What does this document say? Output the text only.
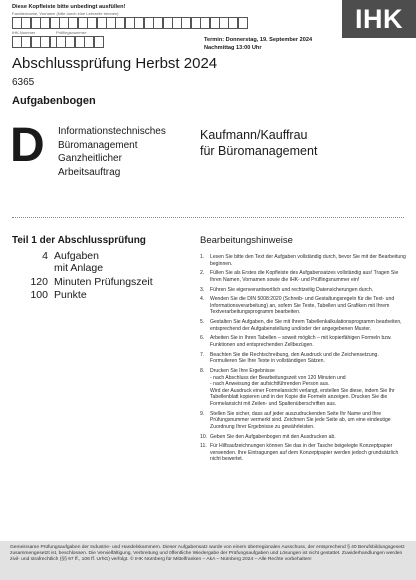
Diese Kopfleiste bitte unbedingt ausfüllen!
Familienname, Vorname (bitte durch eine Leerzeile trennen)
IHK-Nummer	Prüflingsnummer
Termin: Donnerstag, 19. September 2024
Nachmittag 13:00 Uhr
IHK
Abschlussprüfung Herbst 2024
6365
Aufgabenbogen
D Informationstechnisches
Büromanagement
Ganzheitlicher
Arbeitsauftrag
Kaufmann/Kauffrau
für Büromanagement
Teil 1 der Abschlussprüfung
4 Aufgaben
mit Anlage
120 Minuten Prüfungszeit
100 Punkte
Bearbeitungshinweise
1. Lesen Sie bitte den Text der Aufgaben vollständig durch, bevor Sie mit der Bearbeitung beginnen.
2. Füllen Sie als Erstes die Kopfleiste des Aufgabensatzes vollständig aus! Tragen Sie Ihren Namen, Vornamen sowie die IHK- und Prüflingsnummer ein!
3. Führen Sie eigenverantwortlich und rechtzeitig Datensicherungen durch.
4. Wenden Sie die DIN 5008:2020 (Schreib- und Gestaltungsregeln für die Text- und Informationsverarbeitung) an, sofern Sie Texte, Tabellen und Grafiken mit Ihrem Textverarbeitungsprogramm bearbeiten.
5. Gestalten Sie Aufgaben, die Sie mit Ihrem Tabellenkalkulationsprogramm bearbeiten, entsprechend der Aufgabenstellung und/oder der angegebenen Muster.
6. Arbeiten Sie in Ihren Tabellen – soweit möglich – mit kopierfähigen Formeln bzw. Funktionen und entsprechenden Zellbezügen.
7. Beachten Sie die Rechtschreibung, den Ausdruck und die Zeichensetzung. Formulieren Sie Ihre Texte in vollständigen Sätzen.
8. Drucken Sie Ihre Ergebnisse
- nach Abschluss der Bearbeitungszeit von 120 Minuten und
- nach Anweisung der aufsichtführenden Person aus.
Wird der Ausdruck einer Formelansicht verlangt, erstellen Sie diese, indem Sie Ihr Tabellenblatt kopieren und in der Kopie die Formeln anzeigen. Drucken Sie die Formelansicht mit Zeilen- und Spaltenüberschriften aus.
9. Stellen Sie sicher, dass auf jeder auszudruckenden Seite Ihr Name und Ihre Prüfungsnummer vermerkt sind. Zeichnen Sie jede Seite ab, um eine eindeutige Zuordnung Ihrer Ergebnisse zu gewährleisten.
10. Geben Sie den Aufgabenbogen mit den Ausdrucken ab.
11. Für Hilfsaufzeichnungen können Sie das in der Tasche beigelegte Konzeptpapier verwenden. Ihre Eintragungen auf dem Konzeptpapier werden jedoch grundsätzlich nicht bewertet.
Gemeinsame Prüfungsaufgaben der Industrie- und Handelskammern. Dieser Aufgabensatz wurde von einem überregionalen Ausschuss, der entsprechend § 40 Berufsbildungsgesetz zusammengesetzt ist, beschlossen. Die Vervielfältigung, Verbreitung und öffentliche Wiedergabe der Prüfungsaufgaben und Lösungen ist nicht gestattet. Zuwiderhandlungen werden zivil- und strafrechtlich (§§ 97 ff., 106 ff. UrhG) verfolgt. © IHK Nürnberg für Mittelfranken – AkA – Nürnberg 2024 – Alle Rechte vorbehalten!
